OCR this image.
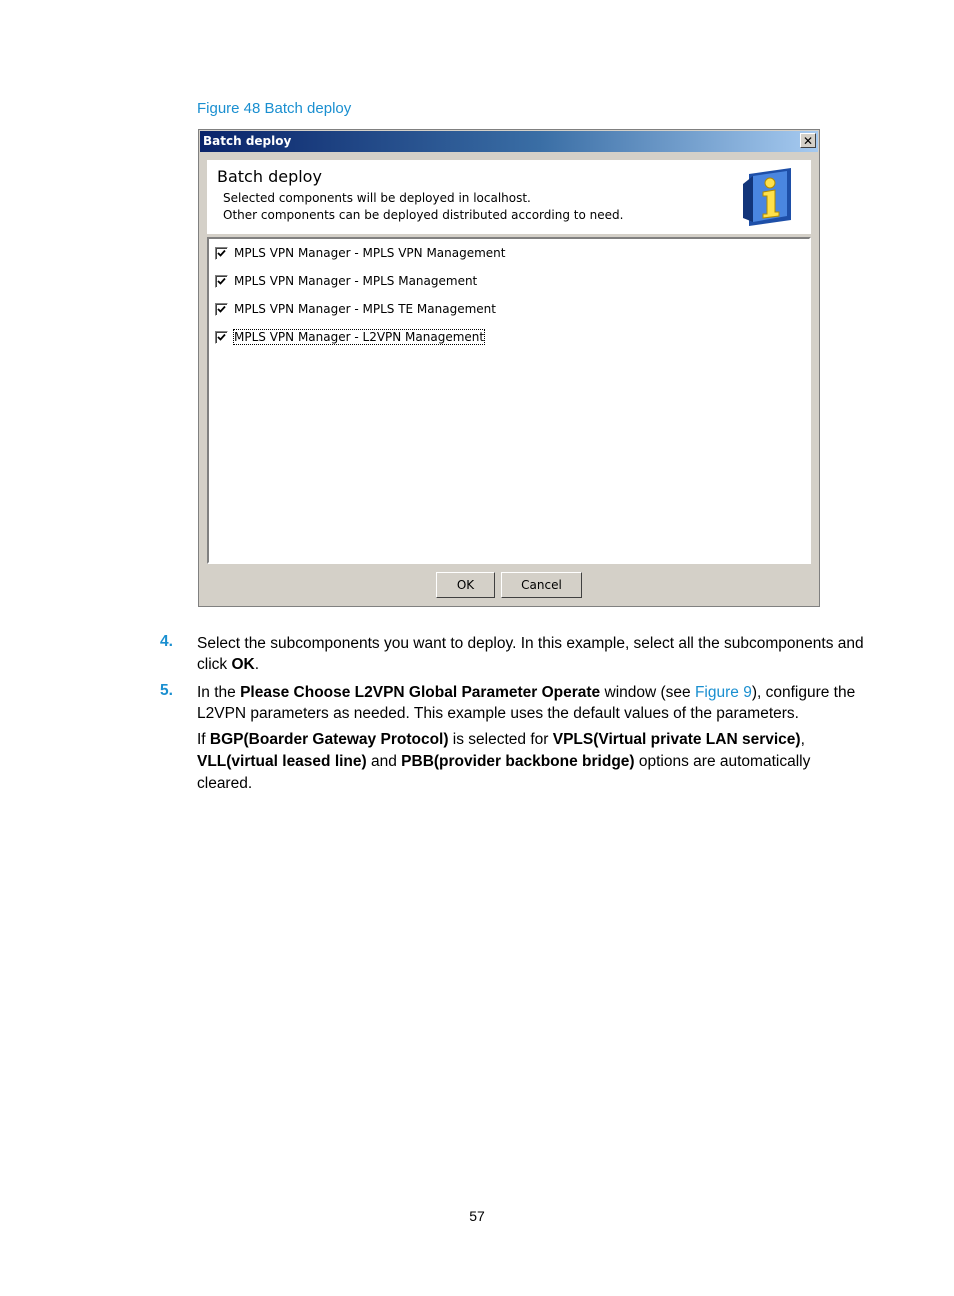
Figure 48 Batch deploy
Batch deploy	✕
Batch deploy
Selected components will be deployed in localhost.
Other components can be deployed distributed according to need.
MPLS VPN Manager - MPLS VPN Management
MPLS VPN Manager - MPLS Management
MPLS VPN Manager - MPLS TE Management
MPLS VPN Manager - L2VPN Management
OK	Cancel
4. Select the subcomponents you want to deploy. In this example, select all the subcomponents and click OK.
5. In the Please Choose L2VPN Global Parameter Operate window (see Figure 9), configure the L2VPN parameters as needed. This example uses the default values of the parameters.
If BGP(Boarder Gateway Protocol) is selected for VPLS(Virtual private LAN service), VLL(virtual leased line) and PBB(provider backbone bridge) options are automatically cleared.
57
